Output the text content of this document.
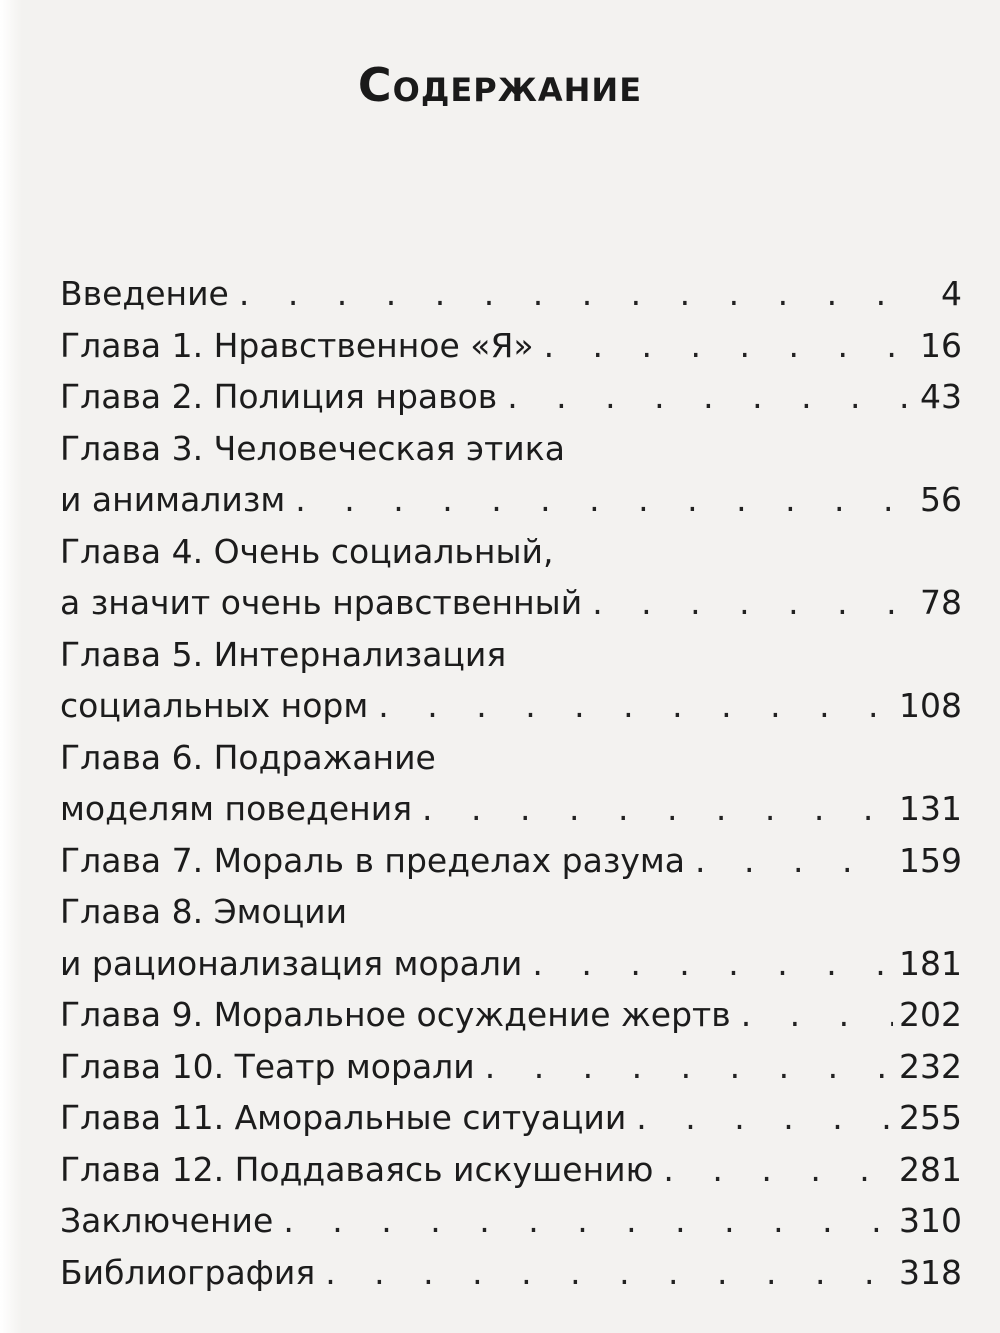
Содержание
Введение . . .	4
Глава 1. Нравственное «Я» . . .	16
Глава 2. Полиция нравов . . .	43
Глава 3. Человеческая этика
и анимализм . . .	56
Глава 4. Очень социальный,
а значит очень нравственный . . .	78
Глава 5. Интернализация
социальных норм . . .	108
Глава 6. Подражание
моделям поведения . . .	131
Глава 7. Мораль в пределах разума . . .	159
Глава 8. Эмоции
и рационализация морали . . .	181
Глава 9. Моральное осуждение жертв . . .	202
Глава 10. Театр морали . . .	232
Глава 11. Аморальные ситуации . . .	255
Глава 12. Поддаваясь искушению . . .	281
Заключение . . .	310
Библиография . . .	318
